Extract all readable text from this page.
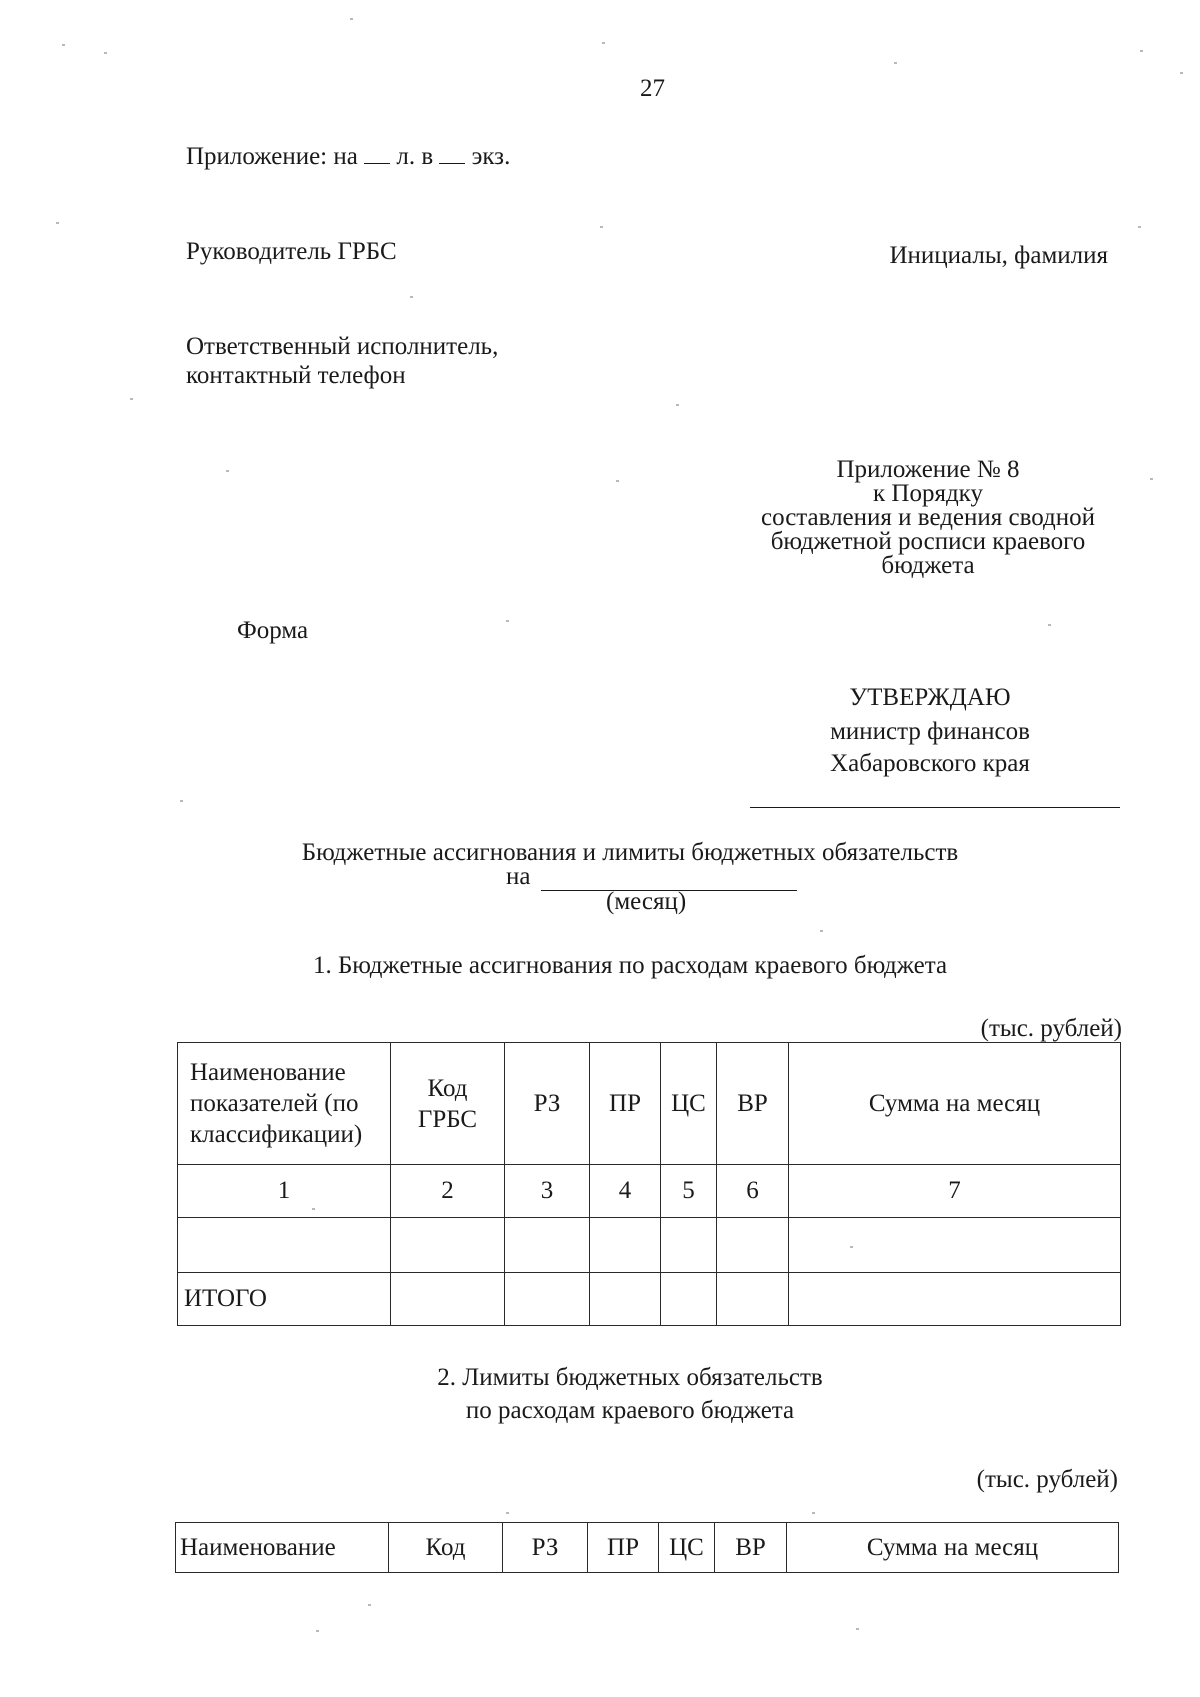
27
Приложение: на л. в экз.
Руководитель ГРБС	Инициалы, фамилия
Ответственный исполнитель,
контактный телефон
Приложение № 8
к Порядку
составления и ведения сводной
бюджетной росписи краевого
бюджета
Форма
УТВЕРЖДАЮ
министр финансов
Хабаровского края
Бюджетные ассигнования и лимиты бюджетных обязательств
на
(месяц)
1. Бюджетные ассигнования по расходам краевого бюджета
(тыс. рублей)
Наименование показателей (по классификации)	Код ГРБС	РЗ	ПР	ЦС	ВР	Сумма на месяц
1	2	3	4	5	6	7

ИТОГО						
2. Лимиты бюджетных обязательств
по расходам краевого бюджета
(тыс. рублей)
Наименование	Код	РЗ	ПР	ЦС	ВР	Сумма на месяц
